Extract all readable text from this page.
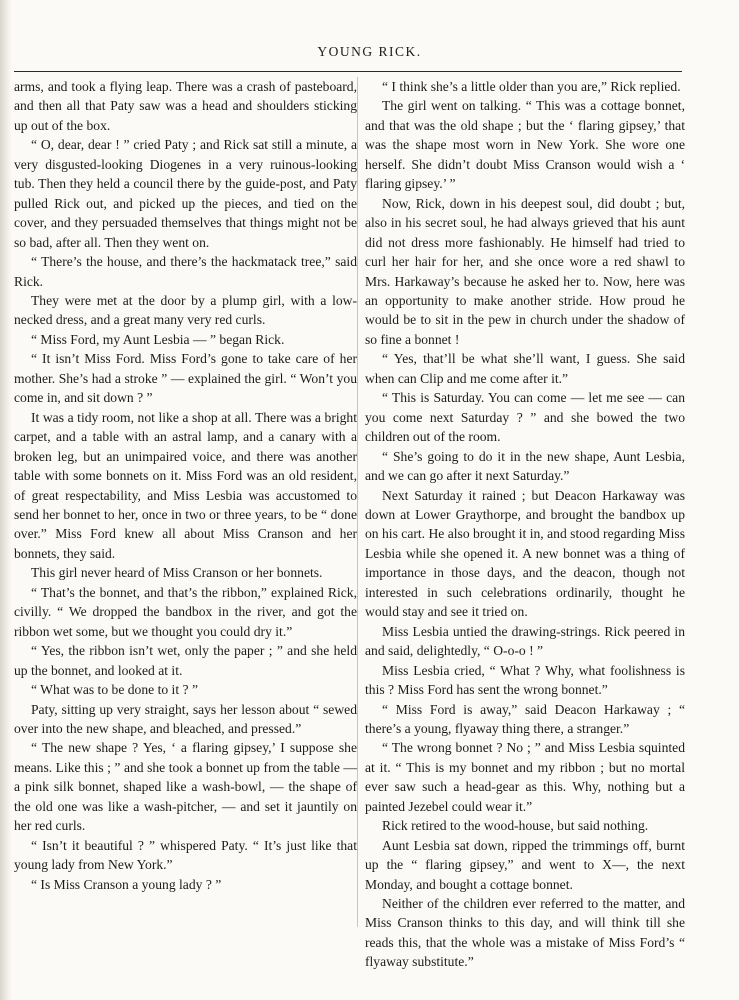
YOUNG RICK.

arms, and took a flying leap. There was a crash of pasteboard, and then all that Paty saw was a head and shoulders sticking up out of the box.

“ O, dear, dear ! ” cried Paty ; and Rick sat still a minute, a very disgusted-looking Diogenes in a very ruinous-looking tub. Then they held a council there by the guide-post, and Paty pulled Rick out, and picked up the pieces, and tied on the cover, and they persuaded themselves that things might not be so bad, after all. Then they went on.

“ There’s the house, and there’s the hackmatack tree,” said Rick.

They were met at the door by a plump girl, with a low-necked dress, and a great many very red curls.

“ Miss Ford, my Aunt Lesbia — ” began Rick.

“ It isn’t Miss Ford. Miss Ford’s gone to take care of her mother. She’s had a stroke ” — explained the girl. “ Won’t you come in, and sit down ? ”

It was a tidy room, not like a shop at all. There was a bright carpet, and a table with an astral lamp, and a canary with a broken leg, but an unimpaired voice, and there was another table with some bonnets on it. Miss Ford was an old resident, of great respectability, and Miss Lesbia was accustomed to send her bonnet to her, once in two or three years, to be “ done over.” Miss Ford knew all about Miss Cranson and her bonnets, they said.

This girl never heard of Miss Cranson or her bonnets.

“ That’s the bonnet, and that’s the ribbon,” explained Rick, civilly. “ We dropped the bandbox in the river, and got the ribbon wet some, but we thought you could dry it.”

“ Yes, the ribbon isn’t wet, only the paper ; ” and she held up the bonnet, and looked at it.

“ What was to be done to it ? ”

Paty, sitting up very straight, says her lesson about “ sewed over into the new shape, and bleached, and pressed.”

“ The new shape ? Yes, ‘ a flaring gipsey,’ I suppose she means. Like this ; ” and she took a bonnet up from the table — a pink silk bonnet, shaped like a wash-bowl, — the shape of the old one was like a wash-pitcher, — and set it jauntily on her red curls.

“ Isn’t it beautiful ? ” whispered Paty. “ It’s just like that young lady from New York.”

“ Is Miss Cranson a young lady ? ”

“ I think she’s a little older than you are,” Rick replied.

The girl went on talking. “ This was a cottage bonnet, and that was the old shape ; but the ‘ flaring gipsey,’ that was the shape most worn in New York. She wore one herself. She didn’t doubt Miss Cranson would wish a ‘ flaring gipsey.’ ”

Now, Rick, down in his deepest soul, did doubt ; but, also in his secret soul, he had always grieved that his aunt did not dress more fashionably. He himself had tried to curl her hair for her, and she once wore a red shawl to Mrs. Harkaway’s because he asked her to. Now, here was an opportunity to make another stride. How proud he would be to sit in the pew in church under the shadow of so fine a bonnet !

“ Yes, that’ll be what she’ll want, I guess. She said when can Clip and me come after it.”

“ This is Saturday. You can come — let me see — can you come next Saturday ? ” and she bowed the two children out of the room.

“ She’s going to do it in the new shape, Aunt Lesbia, and we can go after it next Saturday.”

Next Saturday it rained ; but Deacon Harkaway was down at Lower Graythorpe, and brought the bandbox up on his cart. He also brought it in, and stood regarding Miss Lesbia while she opened it. A new bonnet was a thing of importance in those days, and the deacon, though not interested in such celebrations ordinarily, thought he would stay and see it tried on.

Miss Lesbia untied the drawing-strings. Rick peered in and said, delightedly, “ O-o-o ! ”

Miss Lesbia cried, “ What ? Why, what foolishness is this ? Miss Ford has sent the wrong bonnet.”

“ Miss Ford is away,” said Deacon Harkaway ; “ there’s a young, flyaway thing there, a stranger.”

“ The wrong bonnet ? No ; ” and Miss Lesbia squinted at it. “ This is my bonnet and my ribbon ; but no mortal ever saw such a head-gear as this. Why, nothing but a painted Jezebel could wear it.”

Rick retired to the wood-house, but said nothing.

Aunt Lesbia sat down, ripped the trimmings off, burnt up the “ flaring gipsey,” and went to X—, the next Monday, and bought a cottage bonnet.

Neither of the children ever referred to the matter, and Miss Cranson thinks to this day, and will think till she reads this, that the whole was a mistake of Miss Ford’s “ flyaway substitute.”
